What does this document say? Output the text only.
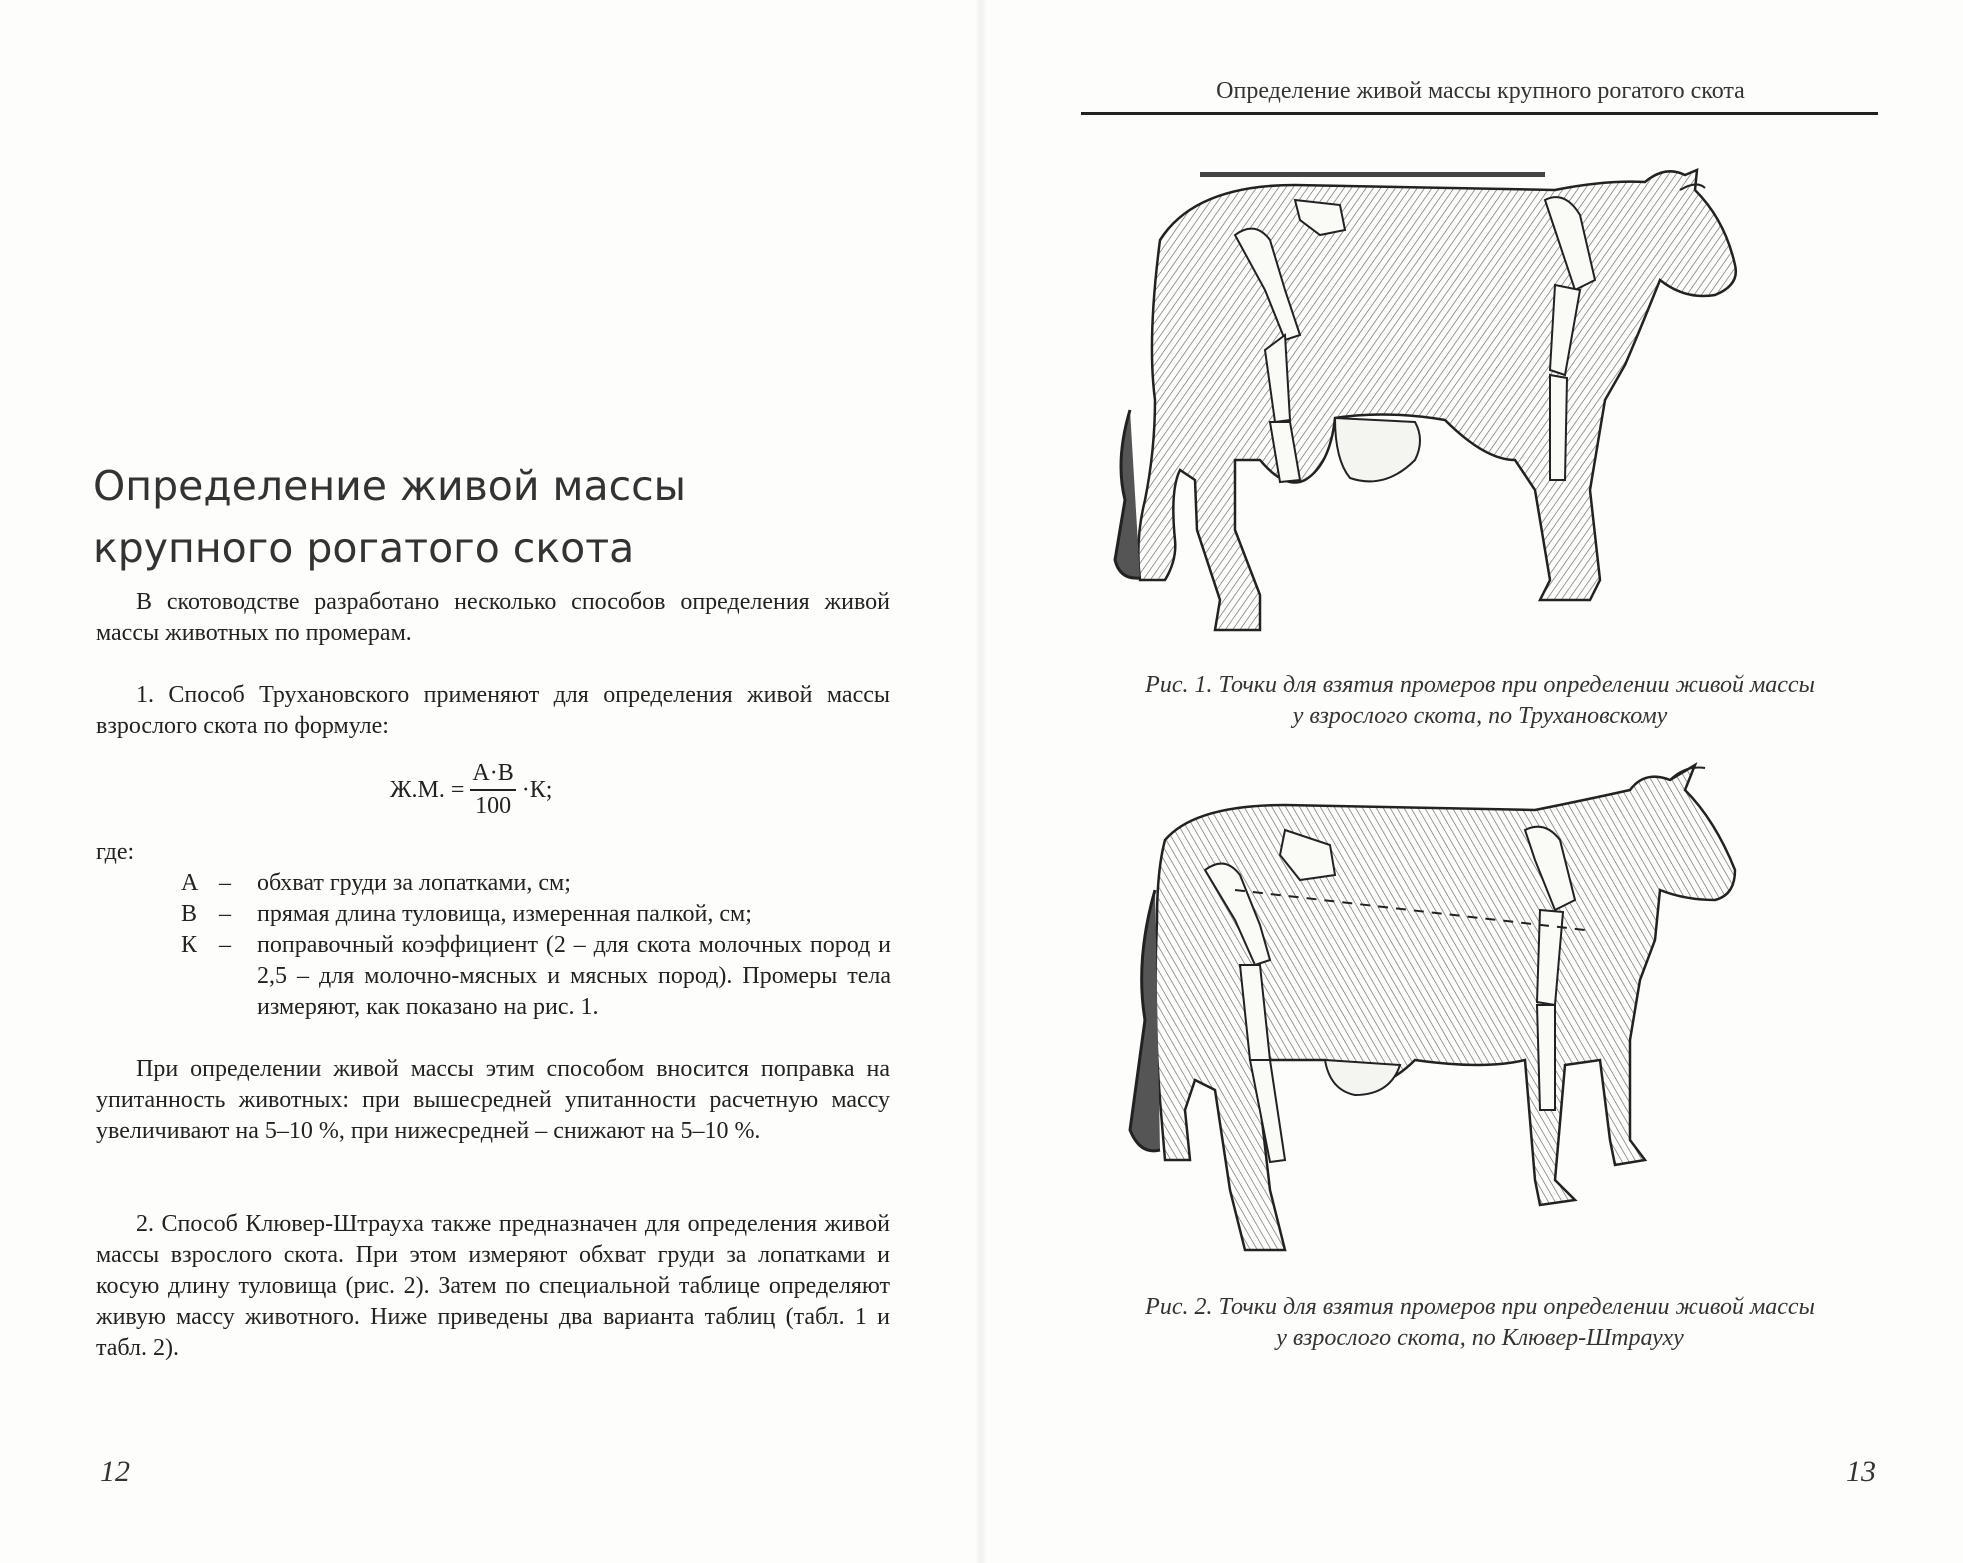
Определение живой массы
крупного рогатого скота

В скотоводстве разработано несколько способов определения живой массы животных по промерам.

1. Способ Трухановского применяют для определения живой массы взрослого скота по формуле:

Ж.М. = $\frac{А\cdot В}{100} \cdot К$;

где:

А –	обхват груди за лопатками, см;
В –	прямая длина туловища, измеренная палкой, см;
К –	поправочный коэффициент (2 – для скота молочных пород и 2,5 – для молочно-мясных и мясных пород). Промеры тела измеряют, как показано на рис. 1.

При определении живой массы этим способом вносится поправка на упитанность животных: при вышесредней упитанности расчетную массу увеличивают на 5–10 %, при нижесредней – снижают на 5–10 %.

2. Способ Клювер-Штрауха также предназначен для определения живой массы взрослого скота. При этом измеряют обхват груди за лопатками и косую длину туловища (рис. 2). Затем по специальной таблице определяют живую массу животного. Ниже приведены два варианта таблиц (табл. 1 и табл. 2).

12
Определение живой массы крупного рогатого скота
Рис. 1. Точки для взятия промеров при определении живой массы
у взрослого скота, по Трухановскому
Рис. 2. Точки для взятия промеров при определении живой массы
у взрослого скота, по Клювер-Штрауху
13
